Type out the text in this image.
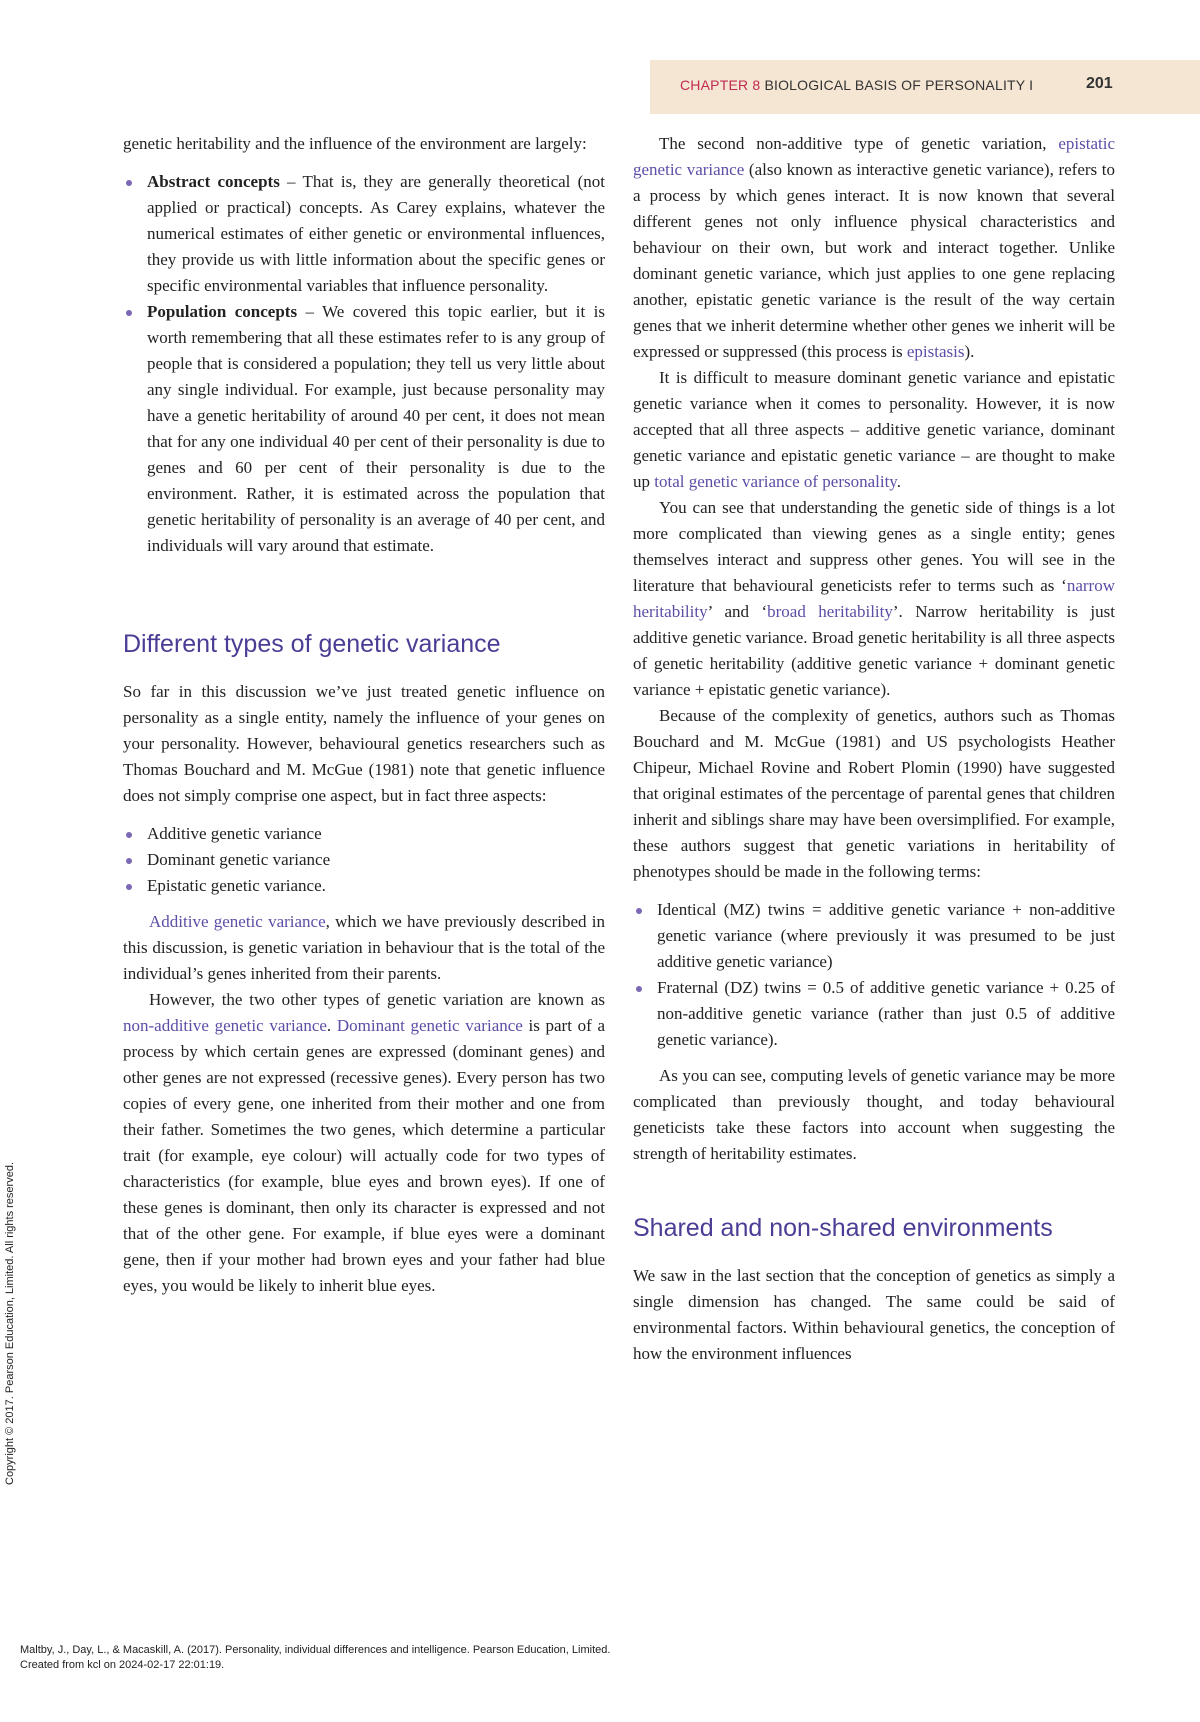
CHAPTER 8 BIOLOGICAL BASIS OF PERSONALITY I	201

genetic heritability and the influence of the environment are largely:

Abstract concepts – That is, they are generally theoretical (not applied or practical) concepts. As Carey explains, whatever the numerical estimates of either genetic or environmental influences, they provide us with little information about the specific genes or specific environmental variables that influence personality.
Population concepts – We covered this topic earlier, but it is worth remembering that all these estimates refer to is any group of people that is considered a population; they tell us very little about any single individual. For example, just because personality may have a genetic heritability of around 40 per cent, it does not mean that for any one individual 40 per cent of their personality is due to genes and 60 per cent of their personality is due to the environment. Rather, it is estimated across the population that genetic heritability of personality is an average of 40 per cent, and individuals will vary around that estimate.
Different types of genetic variance

So far in this discussion we’ve just treated genetic influence on personality as a single entity, namely the influence of your genes on your personality. However, behavioural genetics researchers such as Thomas Bouchard and M. McGue (1981) note that genetic influence does not simply comprise one aspect, but in fact three aspects:

Additive genetic variance
Dominant genetic variance
Epistatic genetic variance.

Additive genetic variance, which we have previously described in this discussion, is genetic variation in behaviour that is the total of the individual’s genes inherited from their parents.

However, the two other types of genetic variation are known as non-additive genetic variance. Dominant genetic variance is part of a process by which certain genes are expressed (dominant genes) and other genes are not expressed (recessive genes). Every person has two copies of every gene, one inherited from their mother and one from their father. Sometimes the two genes, which determine a particular trait (for example, eye colour) will actually code for two types of characteristics (for example, blue eyes and brown eyes). If one of these genes is dominant, then only its character is expressed and not that of the other gene. For example, if blue eyes were a dominant gene, then if your mother had brown eyes and your father had blue eyes, you would be likely to inherit blue eyes.

The second non-additive type of genetic variation, epistatic genetic variance (also known as interactive genetic variance), refers to a process by which genes interact. It is now known that several different genes not only influence physical characteristics and behaviour on their own, but work and interact together. Unlike dominant genetic variance, which just applies to one gene replacing another, epistatic genetic variance is the result of the way certain genes that we inherit determine whether other genes we inherit will be expressed or suppressed (this process is epistasis).

It is difficult to measure dominant genetic variance and epistatic genetic variance when it comes to personality. However, it is now accepted that all three aspects – additive genetic variance, dominant genetic variance and epistatic genetic variance – are thought to make up total genetic variance of personality.

You can see that understanding the genetic side of things is a lot more complicated than viewing genes as a single entity; genes themselves interact and suppress other genes. You will see in the literature that behavioural geneticists refer to terms such as ‘narrow heritability’ and ‘broad heritability’. Narrow heritability is just additive genetic variance. Broad genetic heritability is all three aspects of genetic heritability (additive genetic variance + dominant genetic variance + epistatic genetic variance).

Because of the complexity of genetics, authors such as Thomas Bouchard and M. McGue (1981) and US psychologists Heather Chipeur, Michael Rovine and Robert Plomin (1990) have suggested that original estimates of the percentage of parental genes that children inherit and siblings share may have been oversimplified. For example, these authors suggest that genetic variations in heritability of phenotypes should be made in the following terms:

Identical (MZ) twins = additive genetic variance + non-additive genetic variance (where previously it was presumed to be just additive genetic variance)
Fraternal (DZ) twins = 0.5 of additive genetic variance + 0.25 of non-additive genetic variance (rather than just 0.5 of additive genetic variance).

As you can see, computing levels of genetic variance may be more complicated than previously thought, and today behavioural geneticists take these factors into account when suggesting the strength of heritability estimates.

Shared and non-shared environments

We saw in the last section that the conception of genetics as simply a single dimension has changed. The same could be said of environmental factors. Within behavioural genetics, the conception of how the environment influences

Copyright © 2017. Pearson Education, Limited. All rights reserved.
Maltby, J., Day, L., & Macaskill, A. (2017). Personality, individual differences and intelligence. Pearson Education, Limited.
Created from kcl on 2024-02-17 22:01:19.
